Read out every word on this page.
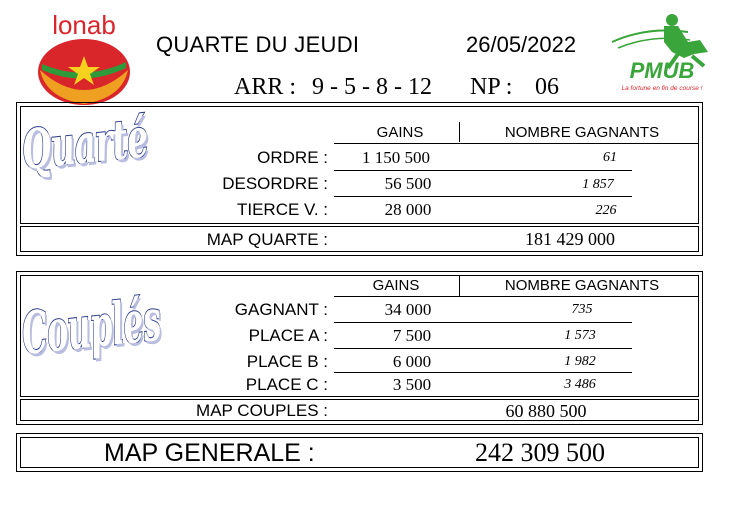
lonab
PMUB
La fortune en fin de course !
QUARTE DU JEUDI	26/05/2022
ARR : 9 - 5 - 8 - 12 NP : 06
Quarté	GAINS	NOMBRE GAGNANTS
ORDRE :	1 150 500	61
DESORDRE :	56 500	1 857
TIERCE V. :	28 000	226
MAP QUARTE :	181 429 000
Couplés
GAINS	NOMBRE GAGNANTS
GAGNANT :	34 000	735
PLACE A :	7 500	1 573
PLACE B :	6 000	1 982
PLACE C :	3 500	3 486
MAP COUPLES :	60 880 500
MAP GENERALE :	242 309 500
